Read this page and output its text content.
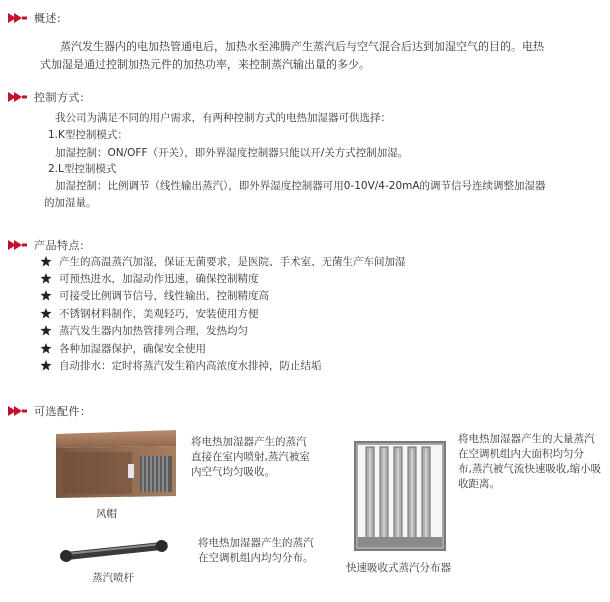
概述:
蒸汽发生器内的电加热管通电后，加热水至沸腾产生蒸汽后与空气混合后达到加湿空气的目的。电热
式加湿是通过控制加热元件的加热功率，来控制蒸汽输出量的多少。
控制方式:
我公司为满足不同的用户需求，有两种控制方式的电热加湿器可供选择：
1.K型控制模式：
加湿控制：ON/OFF（开关），即外界湿度控制器只能以开/关方式控制加湿。
2.L型控制模式
加湿控制：比例调节（线性输出蒸汽），即外界湿度控制器可用0-10V/4-20mA的调节信号连续调整加湿器
的加湿量。
产品特点:
产生的高温蒸汽加湿，保证无菌要求，是医院、手术室、无菌生产车间加湿
可预热进水，加湿动作迅速，确保控制精度
可接受比例调节信号，线性输出，控制精度高
不锈钢材料制作，美观轻巧，安装使用方便
蒸汽发生器内加热管排列合理，发热均匀
各种加湿器保护，确保安全使用
自动排水：定时将蒸汽发生箱内高浓度水排掉，防止结垢
可选配件：
风帽
将电热加湿器产生的蒸汽
直接在室内喷射,蒸汽被室
内空气均匀吸收。
蒸汽喷杆
将电热加湿器产生的蒸汽
在空调机组内均匀分布。
快速吸收式蒸汽分布器
将电热加湿器产生的大量蒸汽
在空调机组内大面积均匀分
布,蒸汽被气流快速吸收,缩小吸
收距离。
